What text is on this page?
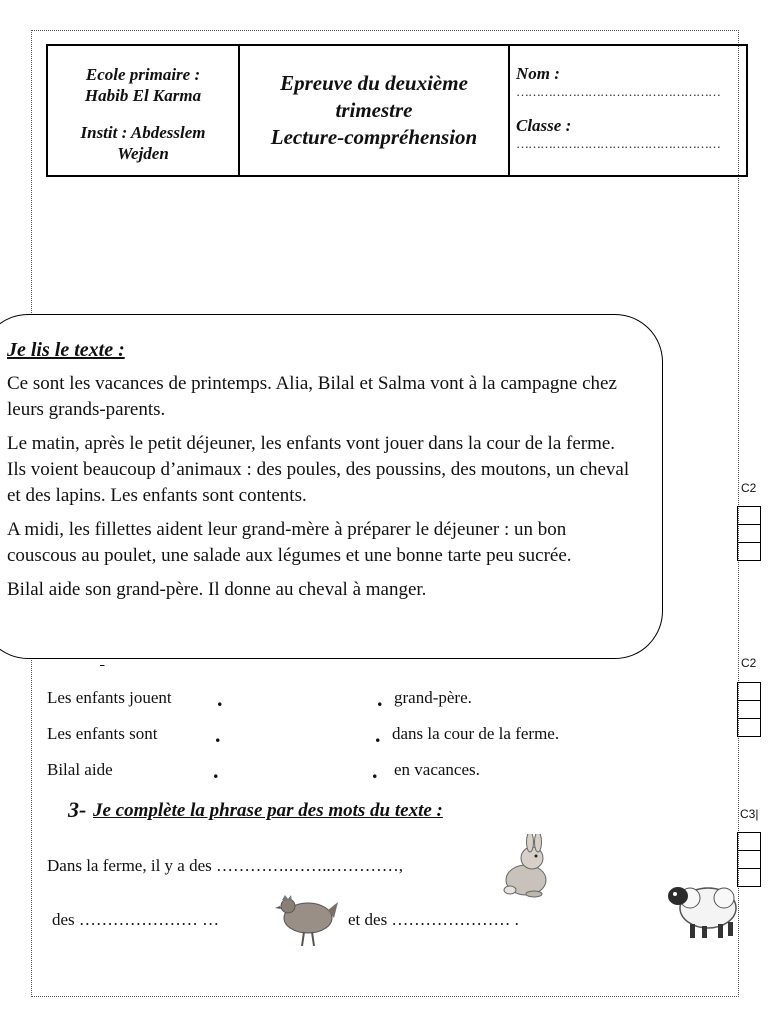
Ecole primaire :
Habib El Karma
Instit : Abdesslem
Wejden
Epreuve du deuxième
trimestre
Lecture-compréhension
Nom :
……………………………………………
Classe :
……………………………………………
Je lis le texte :

Ce sont les vacances de printemps. Alia, Bilal et Salma vont à la campagne chez leurs grands-parents.

Le matin, après le petit déjeuner, les enfants vont jouer dans la cour de la ferme. Ils voient beaucoup d’animaux : des poules, des poussins, des moutons, un cheval et des lapins. Les enfants sont contents.

A midi, les fillettes aident leur grand-mère à préparer le déjeuner : un bon couscous au poulet, une salade aux légumes et une bonne tarte peu sucrée.

Bilal aide son grand-père. Il donne au cheval à manger.

Les enfants jouent .	. grand-père.
Les enfants sont	.	. dans la cour de la ferme.
Bilal aide	.	. en vacances.
3- Je complète la phrase par des mots du texte :
Dans la ferme, il y a des ………….……..…………,
des ………………… …	et des ………………… .
C2
C2
C3|
